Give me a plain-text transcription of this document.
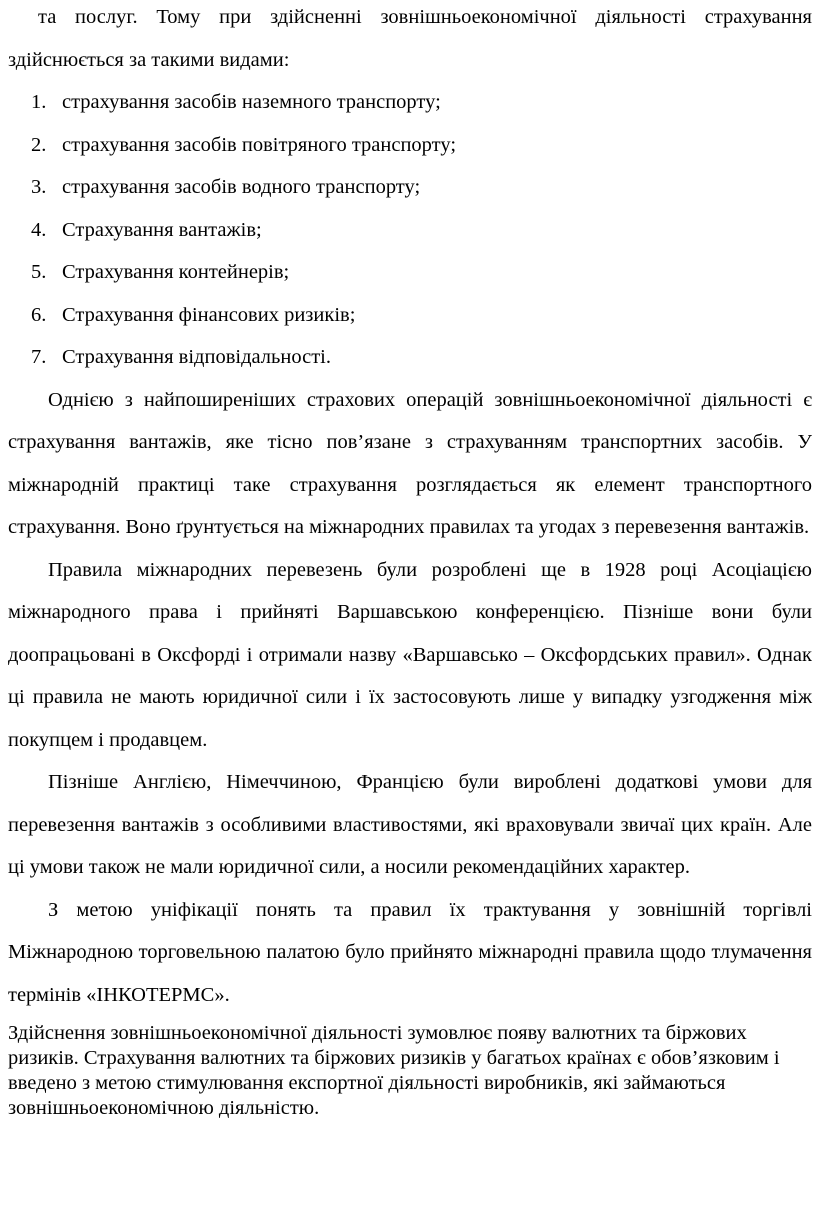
та послуг. Тому при здійсненні зовнішньоекономічної діяльності страхування здійснюється за такими видами:

1. страхування засобів наземного транспорту;
2. страхування засобів повітряного транспорту;
3. страхування засобів водного транспорту;
4. Страхування вантажів;
5. Страхування контейнерів;
6. Страхування фінансових ризиків;
7. Страхування відповідальності.

Однією з найпоширеніших страхових операцій зовнішньоекономічної діяльності є страхування вантажів, яке тісно пов’язане з страхуванням транспортних засобів. У міжнародній практиці таке страхування розглядається як елемент транспортного страхування. Воно ґрунтується на міжнародних правилах та угодах з перевезення вантажів.

Правила міжнародних перевезень були розроблені ще в 1928 році Асоціацією міжнародного права і прийняті Варшавською конференцією. Пізніше вони були доопрацьовані в Оксфорді і отримали назву «Варшавсько – Оксфордських правил». Однак ці правила не мають юридичної сили і їх застосовують лише у випадку узгодження між покупцем і продавцем.

Пізніше Англією, Німеччиною, Францією були вироблені додаткові умови для перевезення вантажів з особливими властивостями, які враховували звичаї цих країн. Але ці умови також не мали юридичної сили, а носили рекомендаційних характер.

З метою уніфікації понять та правил їх трактування у зовнішній торгівлі Міжнародною торговельною палатою було прийнято міжнародні правила щодо тлумачення термінів «ІНКОТЕРМС».

Здійснення зовнішньоекономічної діяльності зумовлює появу валютних та біржових ризиків. Страхування валютних та біржових ризиків у багатьох країнах є обов’язковим і введено з метою стимулювання експортної діяльності виробників, які займаються зовнішньоекономічною діяльністю.
